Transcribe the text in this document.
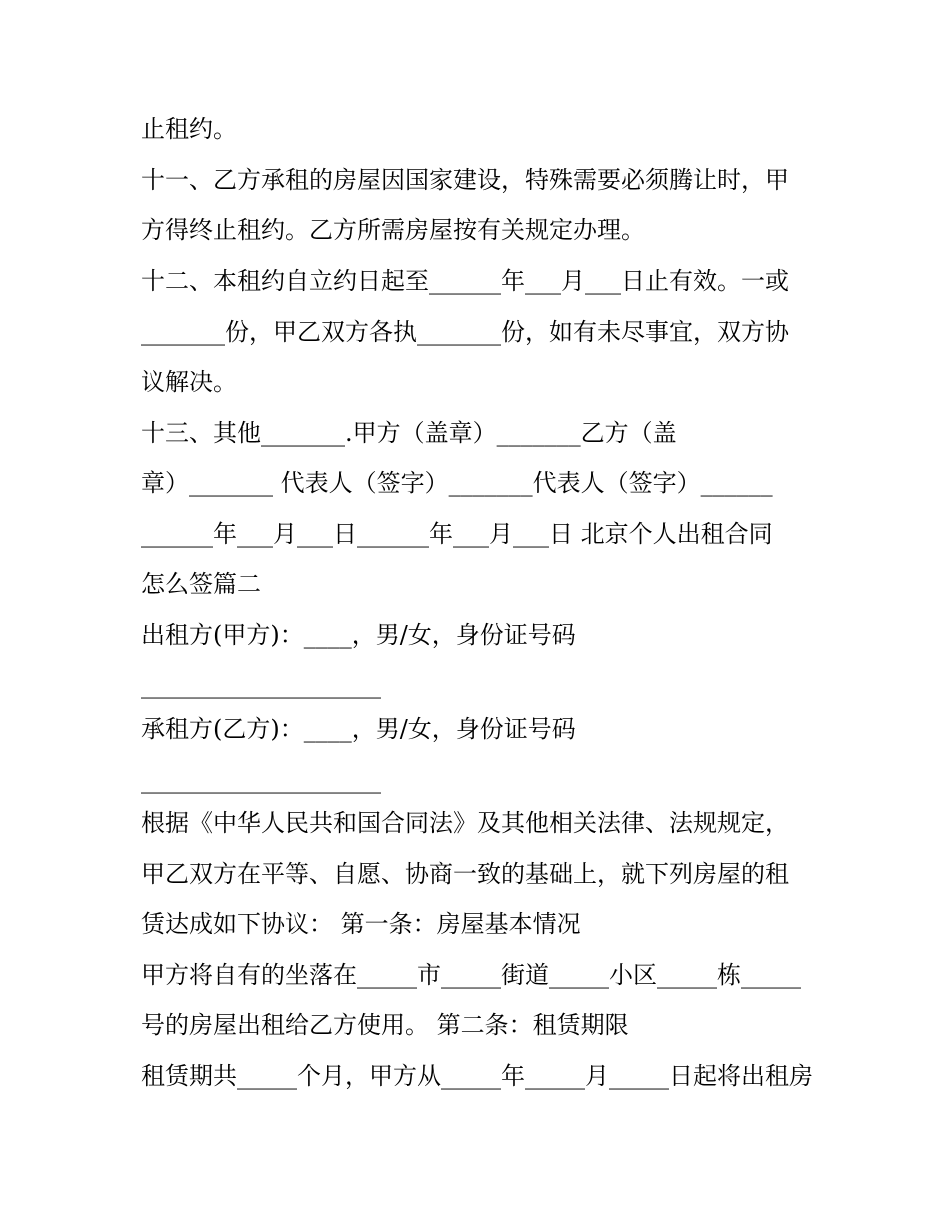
止租约。
十一、乙方承租的房屋因国家建设，特殊需要必须腾让时，甲
方得终止租约。乙方所需房屋按有关规定办理。
十二、本租约自立约日起至______年___月___日止有效。一或
_______份，甲乙双方各执_______份，如有未尽事宜，双方协
议解决。
十三、其他_______.甲方（盖章）_______乙方（盖
章）_______ 代表人（签字）_______代表人（签字）______
______年___月___日______年___月___日 北京个人出租合同
怎么签篇二
出租方(甲方)：____，男/女，身份证号码
____________________
承租方(乙方)：____，男/女，身份证号码
____________________
根据《中华人民共和国合同法》及其他相关法律、法规规定，
甲乙双方在平等、自愿、协商一致的基础上，就下列房屋的租
赁达成如下协议： 第一条：房屋基本情况
甲方将自有的坐落在_____市_____街道_____小区_____栋_____
号的房屋出租给乙方使用。 第二条：租赁期限
租赁期共_____个月，甲方从_____年_____月_____日起将出租房
